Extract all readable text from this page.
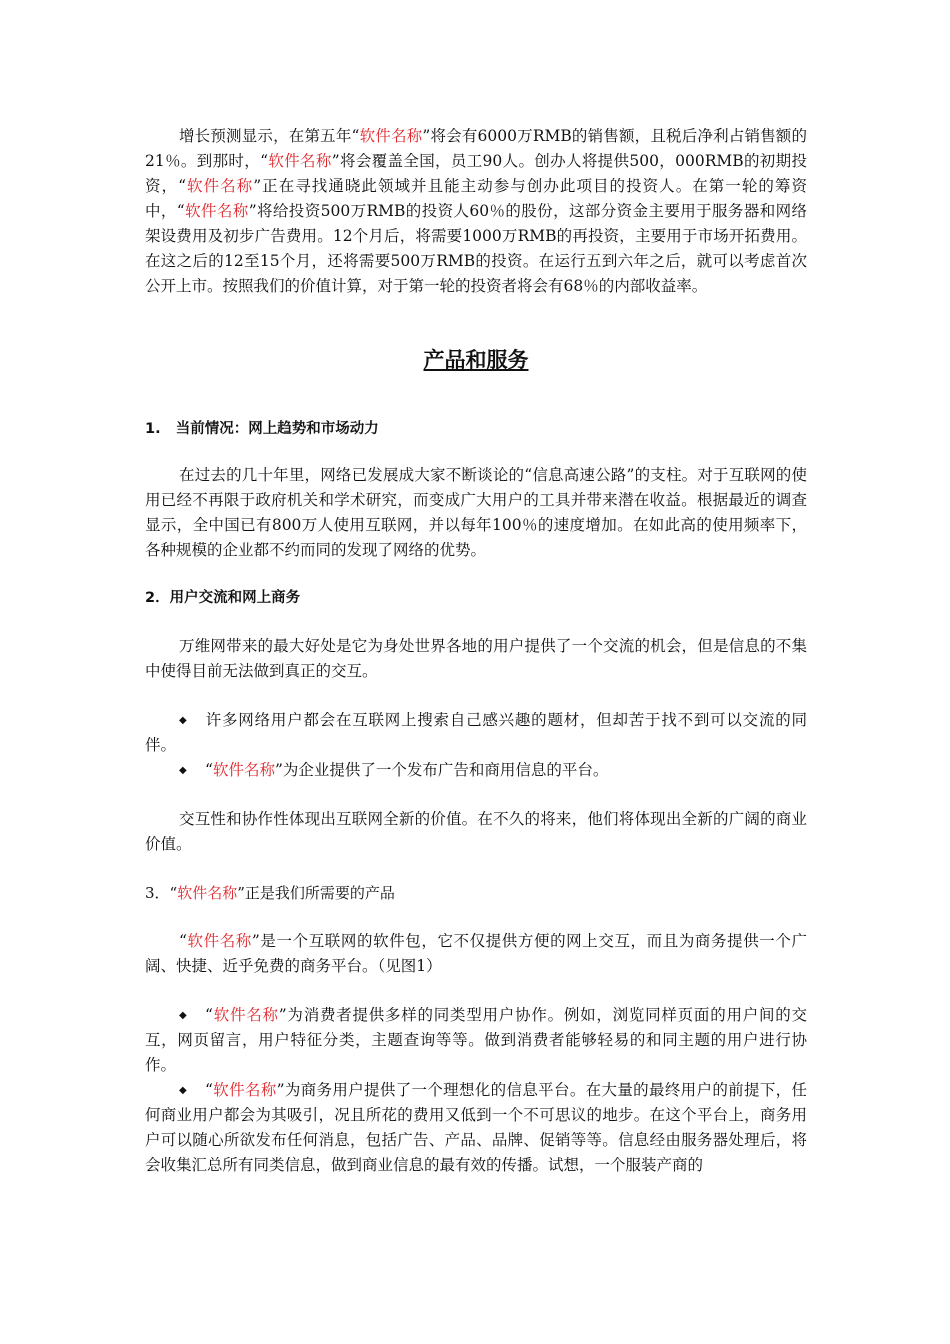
增长预测显示，在第五年“软件名称”将会有6000万RMB的销售额，且税后净利占销售额的21％。到那时，“软件名称”将会覆盖全国，员工90人。创办人将提供500，000RMB的初期投资，“软件名称”正在寻找通晓此领域并且能主动参与创办此项目的投资人。在第一轮的筹资中，“软件名称”将给投资500万RMB的投资人60％的股份，这部分资金主要用于服务器和网络架设费用及初步广告费用。12个月后，将需要1000万RMB的再投资，主要用于市场开拓费用。在这之后的12至15个月，还将需要500万RMB的投资。在运行五到六年之后，就可以考虑首次公开上市。按照我们的价值计算，对于第一轮的投资者将会有68％的内部收益率。

产品和服务

1.   当前情况：网上趋势和市场动力

在过去的几十年里，网络已发展成大家不断谈论的“信息高速公路”的支柱。对于互联网的使用已经不再限于政府机关和学术研究，而变成广大用户的工具并带来潜在收益。根据最近的调查显示，全中国已有800万人使用互联网，并以每年100％的速度增加。在如此高的使用频率下，各种规模的企业都不约而同的发现了网络的优势。

2．用户交流和网上商务

万维网带来的最大好处是它为身处世界各地的用户提供了一个交流的机会，但是信息的不集中使得目前无法做到真正的交互。

◆ 许多网络用户都会在互联网上搜索自己感兴趣的题材，但却苦于找不到可以交流的同伴。

◆ “软件名称”为企业提供了一个发布广告和商用信息的平台。

交互性和协作性体现出互联网全新的价值。在不久的将来，他们将体现出全新的广阔的商业价值。

3．“软件名称”正是我们所需要的产品

“软件名称”是一个互联网的软件包，它不仅提供方便的网上交互，而且为商务提供一个广阔、快捷、近乎免费的商务平台。（见图1）

◆ “软件名称”为消费者提供多样的同类型用户协作。例如，浏览同样页面的用户间的交互，网页留言，用户特征分类，主题查询等等。做到消费者能够轻易的和同主题的用户进行协作。

◆ “软件名称”为商务用户提供了一个理想化的信息平台。在大量的最终用户的前提下，任何商业用户都会为其吸引，况且所花的费用又低到一个不可思议的地步。在这个平台上，商务用户可以随心所欲发布任何消息，包括广告、产品、品牌、促销等等。信息经由服务器处理后，将会收集汇总所有同类信息，做到商业信息的最有效的传播。试想，一个服装产商的
